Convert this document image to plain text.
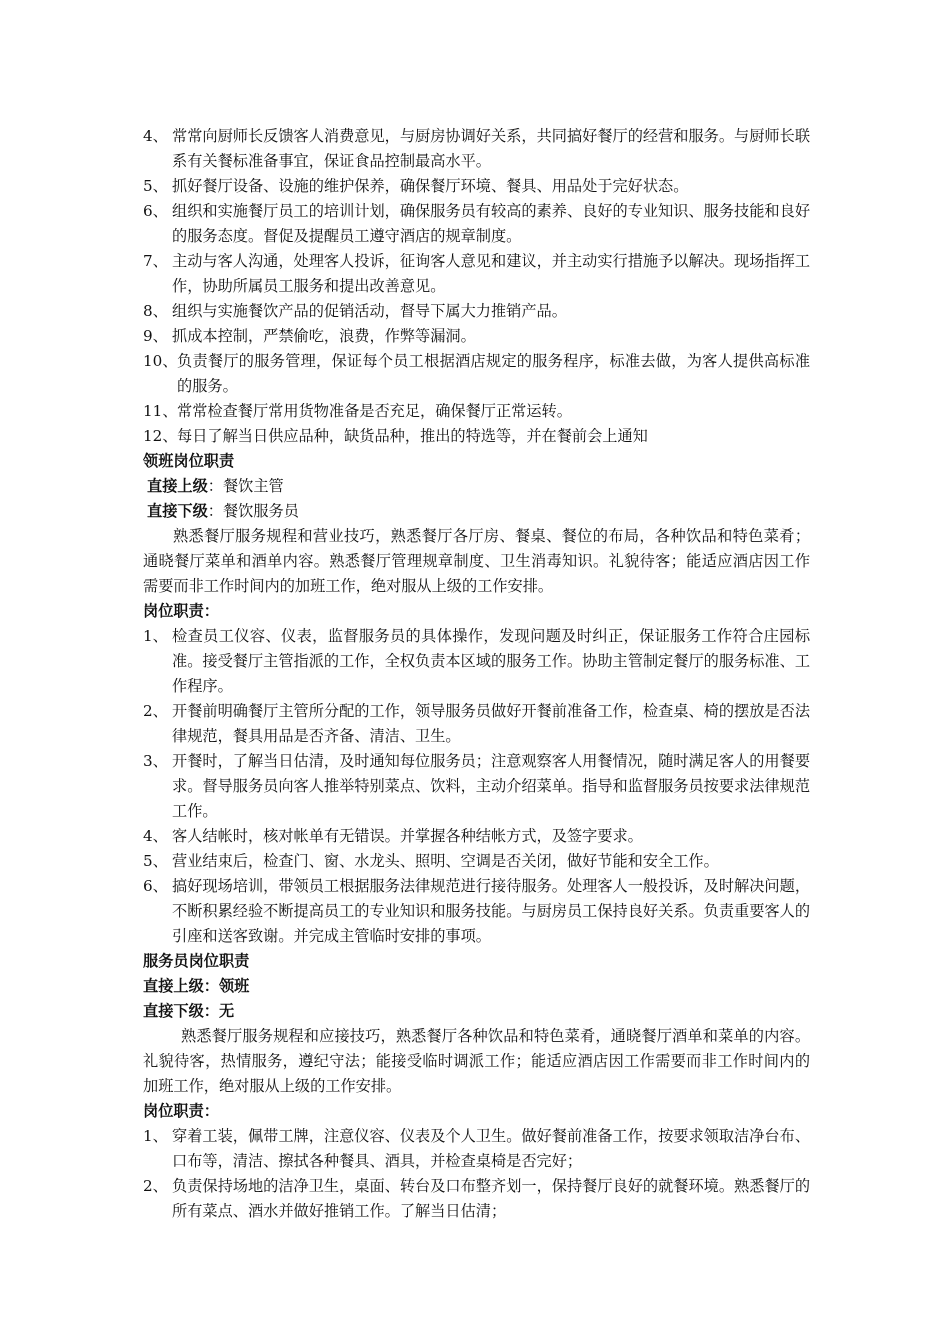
4、 常常向厨师长反馈客人消费意见，与厨房协调好关系，共同搞好餐厅的经营和服务。与厨师长联系有关餐标准备事宜，保证食品控制最高水平。
5、 抓好餐厅设备、设施的维护保养，确保餐厅环境、餐具、用品处于完好状态。
6、 组织和实施餐厅员工的培训计划，确保服务员有较高的素养、良好的专业知识、服务技能和良好的服务态度。督促及提醒员工遵守酒店的规章制度。
7、 主动与客人沟通，处理客人投诉，征询客人意见和建议，并主动实行措施予以解决。现场指挥工作，协助所属员工服务和提出改善意见。
8、 组织与实施餐饮产品的促销活动，督导下属大力推销产品。
9、 抓成本控制，严禁偷吃，浪费，作弊等漏洞。
10、 负责餐厅的服务管理，保证每个员工根据酒店规定的服务程序，标准去做，为客人提供高标准的服务。
11、 常常检查餐厅常用货物准备是否充足，确保餐厅正常运转。
12、 每日了解当日供应品种，缺货品种，推出的特选等，并在餐前会上通知
领班岗位职责
直接上级：餐饮主管
直接下级：餐饮服务员
熟悉餐厅服务规程和营业技巧，熟悉餐厅各厅房、餐桌、餐位的布局，各种饮品和特色菜肴；通晓餐厅菜单和酒单内容。熟悉餐厅管理规章制度、卫生消毒知识。礼貌待客；能适应酒店因工作需要而非工作时间内的加班工作，绝对服从上级的工作安排。
岗位职责：
1、 检查员工仪容、仪表，监督服务员的具体操作，发现问题及时纠正，保证服务工作符合庄园标准。接受餐厅主管指派的工作，全权负责本区域的服务工作。协助主管制定餐厅的服务标准、工作程序。
2、 开餐前明确餐厅主管所分配的工作，领导服务员做好开餐前准备工作，检查桌、椅的摆放是否法律规范，餐具用品是否齐备、清洁、卫生。
3、 开餐时，了解当日估清，及时通知每位服务员；注意观察客人用餐情况，随时满足客人的用餐要求。督导服务员向客人推举特别菜点、饮料，主动介绍菜单。指导和监督服务员按要求法律规范工作。
4、 客人结帐时，核对帐单有无错误。并掌握各种结帐方式，及签字要求。
5、 营业结束后，检查门、窗、水龙头、照明、空调是否关闭，做好节能和安全工作。
6、 搞好现场培训，带领员工根据服务法律规范进行接待服务。处理客人一般投诉，及时解决问题，不断积累经验不断提高员工的专业知识和服务技能。与厨房员工保持良好关系。负责重要客人的引座和送客致谢。并完成主管临时安排的事项。
服务员岗位职责
直接上级：领班
直接下级：无
熟悉餐厅服务规程和应接技巧，熟悉餐厅各种饮品和特色菜肴，通晓餐厅酒单和菜单的内容。礼貌待客，热情服务，遵纪守法；能接受临时调派工作；能适应酒店因工作需要而非工作时间内的加班工作，绝对服从上级的工作安排。
岗位职责：
1、 穿着工装，佩带工牌，注意仪容、仪表及个人卫生。做好餐前准备工作，按要求领取洁净台布、口布等，清洁、擦拭各种餐具、酒具，并检查桌椅是否完好；
2、 负责保持场地的洁净卫生，桌面、转台及口布整齐划一，保持餐厅良好的就餐环境。熟悉餐厅的所有菜点、酒水并做好推销工作。了解当日估清；
